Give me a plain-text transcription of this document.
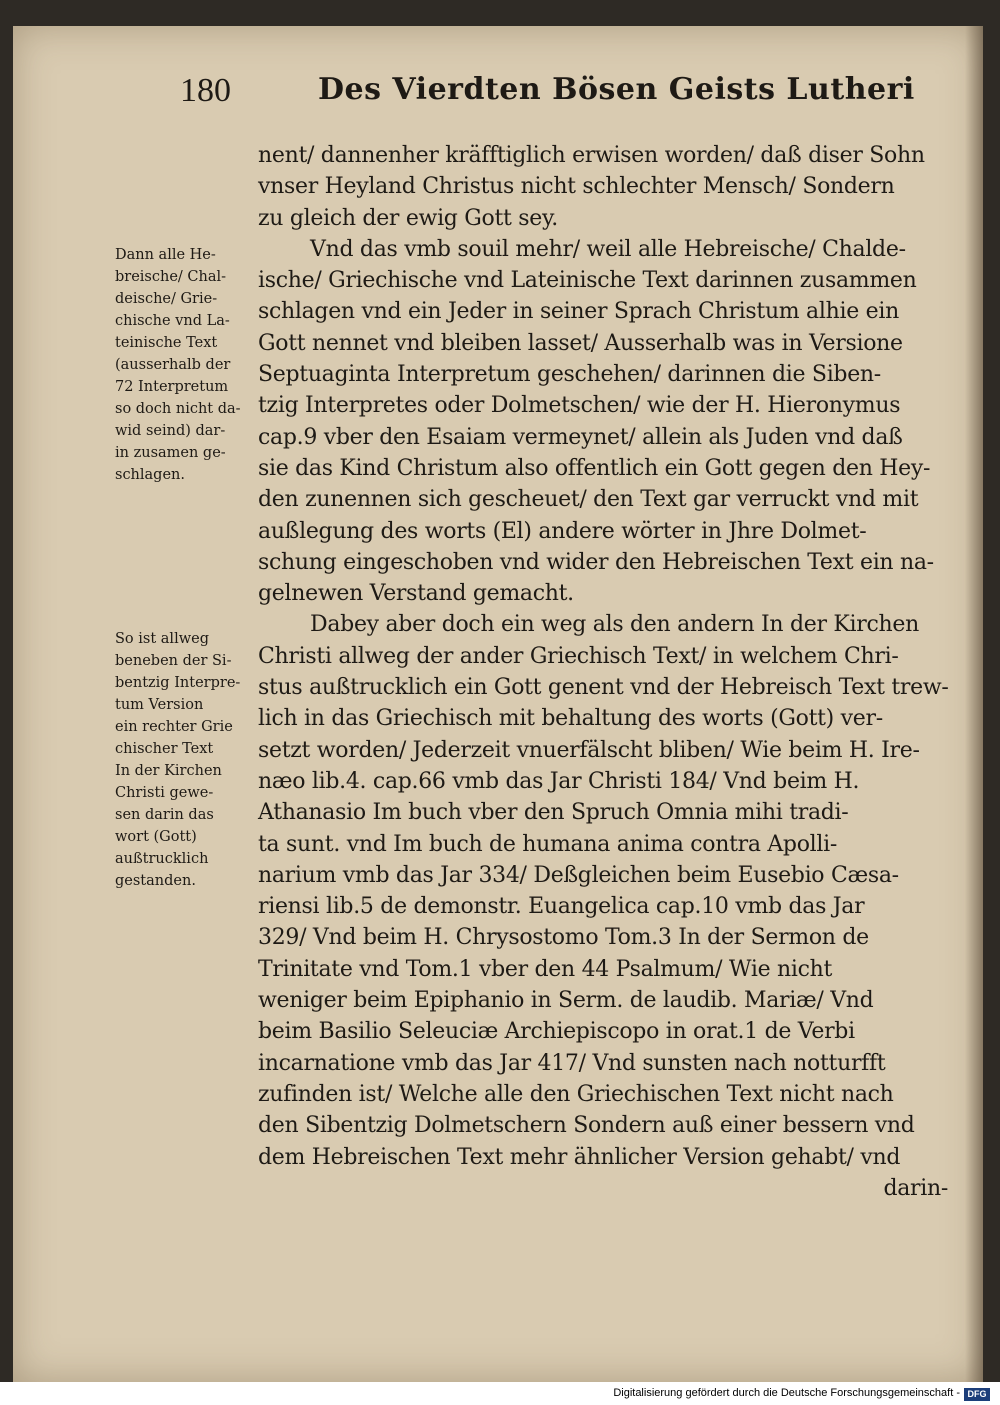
180	Des Vierdten Bösen Geists Lutheri
Dann alle He-
breische/ Chal-
deische/ Grie-
chische vnd La-
teinische Text
(ausserhalb der
72 Interpretum
so doch nicht da-
wid seind) dar-
in zusamen ge-
schlagen.
So ist allweg
beneben der Si-
bentzig Interpre-
tum Version
ein rechter Grie
chischer Text
In der Kirchen
Christi gewe-
sen darin das
wort (Gott)
außtrucklich
gestanden.
nent/ dannenher kräfftiglich erwisen worden/ daß diser Sohn
vnser Heyland Christus nicht schlechter Mensch/ Sondern
zu gleich der ewig Gott sey.
Vnd das vmb souil mehr/ weil alle Hebreische/ Chalde-
ische/ Griechische vnd Lateinische Text darinnen zusammen
schlagen vnd ein Jeder in seiner Sprach Christum alhie ein
Gott nennet vnd bleiben lasset/ Ausserhalb was in Versione
Septuaginta Interpretum geschehen/ darinnen die Siben-
tzig Interpretes oder Dolmetschen/ wie der H. Hieronymus
cap.9 vber den Esaiam vermeynet/ allein als Juden vnd daß
sie das Kind Christum also offentlich ein Gott gegen den Hey-
den zunennen sich gescheuet/ den Text gar verruckt vnd mit
außlegung des worts (El) andere wörter in Jhre Dolmet-
schung eingeschoben vnd wider den Hebreischen Text ein na-
gelnewen Verstand gemacht.
Dabey aber doch ein weg als den andern In der Kirchen
Christi allweg der ander Griechisch Text/ in welchem Chri-
stus außtrucklich ein Gott genent vnd der Hebreisch Text trew-
lich in das Griechisch mit behaltung des worts (Gott) ver-
setzt worden/ Jederzeit vnuerfälscht bliben/ Wie beim H. Ire-
næo lib.4. cap.66 vmb das Jar Christi 184/ Vnd beim H.
Athanasio Im buch vber den Spruch Omnia mihi tradi-
ta sunt. vnd Im buch de humana anima contra Apolli-
narium vmb das Jar 334/ Deßgleichen beim Eusebio Cæsa-
riensi lib.5 de demonstr. Euangelica cap.10 vmb das Jar
329/ Vnd beim H. Chrysostomo Tom.3 In der Sermon de
Trinitate vnd Tom.1 vber den 44 Psalmum/ Wie nicht
weniger beim Epiphanio in Serm. de laudib. Mariæ/ Vnd
beim Basilio Seleuciæ Archiepiscopo in orat.1 de Verbi
incarnatione vmb das Jar 417/ Vnd sunsten nach notturfft
zufinden ist/ Welche alle den Griechischen Text nicht nach
den Sibentzig Dolmetschern Sondern auß einer bessern vnd
dem Hebreischen Text mehr ähnlicher Version gehabt/ vnd
darin-
Digitalisierung gefördert durch die Deutsche Forschungsgemeinschaft - DFG
